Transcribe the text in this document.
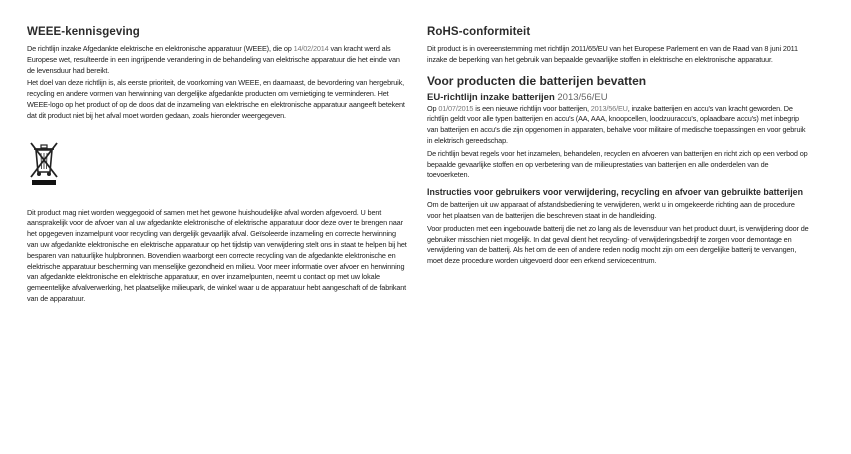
WEEE-kennisgeving

De richtlijn inzake Afgedankte elektrische en elektronische apparatuur (WEEE), die op 14/02/2014 van kracht werd als Europese wet, resulteerde in een ingrijpende verandering in de behandeling van elektrische apparatuur die het einde van de levensduur had bereikt.

Het doel van deze richtlijn is, als eerste prioriteit, de voorkoming van WEEE, en daarnaast, de bevordering van hergebruik, recycling en andere vormen van herwinning van dergelijke afgedankte producten om vernietiging te verminderen. Het WEEE-logo op het product of op de doos dat de inzameling van elektrische en elektronische apparatuur aangeeft betekent dat dit product niet bij het afval moet worden gedaan, zoals hieronder weergegeven.

Dit product mag niet worden weggegooid of samen met het gewone huishoudelijke afval worden afgevoerd. U bent aansprakelijk voor de afvoer van al uw afgedankte elektronische of elektrische apparatuur door deze over te brengen naar het opgegeven inzamelpunt voor recycling van dergelijk gevaarlijk afval. Geïsoleerde inzameling en correcte herwinning van uw afgedankte elektronische en elektrische apparatuur op het tijdstip van verwijdering stelt ons in staat te helpen bij het besparen van natuurlijke hulpbronnen. Bovendien waarborgt een correcte recycling van de afgedankte elektronische en elektrische apparatuur bescherming van menselijke gezondheid en milieu. Voor meer informatie over afvoer en herwinning van afgedankte elektronische en elektrische apparatuur, en over inzamelpunten, neemt u contact op met uw lokale gemeentelijke afvalverwerking, het plaatselijke milieupark, de winkel waar u de apparatuur hebt aangeschaft of de fabrikant van de apparatuur.

RoHS-conformiteit

Dit product is in overeenstemming met richtlijn 2011/65/EU van het Europese Parlement en van de Raad van 8 juni 2011 inzake de beperking van het gebruik van bepaalde gevaarlijke stoffen in elektrische en elektronische apparatuur.

Voor producten die batterijen bevatten
EU-richtlijn inzake batterijen 2013/56/EU

Op 01/07/2015 is een nieuwe richtlijn voor batterijen, 2013/56/EU, inzake batterijen en accu's van kracht geworden. De richtlijn geldt voor alle typen batterijen en accu's (AA, AAA, knoopcellen, loodzuuraccu's, oplaadbare accu's) met inbegrip van batterijen en accu's die zijn opgenomen in apparaten, behalve voor militaire of medische toepassingen en voor gebruik in elektrisch gereedschap.

De richtlijn bevat regels voor het inzamelen, behandelen, recyclen en afvoeren van batterijen en richt zich op een verbod op bepaalde gevaarlijke stoffen en op verbetering van de milieuprestaties van batterijen en alle onderdelen van de toevoerketen.

Instructies voor gebruikers voor verwijdering, recycling en afvoer van gebruikte batterijen

Om de batterijen uit uw apparaat of afstandsbediening te verwijderen, werkt u in omgekeerde richting aan de procedure voor het plaatsen van de batterijen die beschreven staat in de handleiding.

Voor producten met een ingebouwde batterij die net zo lang als de levensduur van het product duurt, is verwijdering door de gebruiker misschien niet mogelijk. In dat geval dient het recycling- of verwijderingsbedrijf te zorgen voor demontage en verwijdering van de batterij. Als het om de een of andere reden nodig mocht zijn om een dergelijke batterij te vervangen, moet deze procedure worden uitgevoerd door een erkend servicecentrum.
